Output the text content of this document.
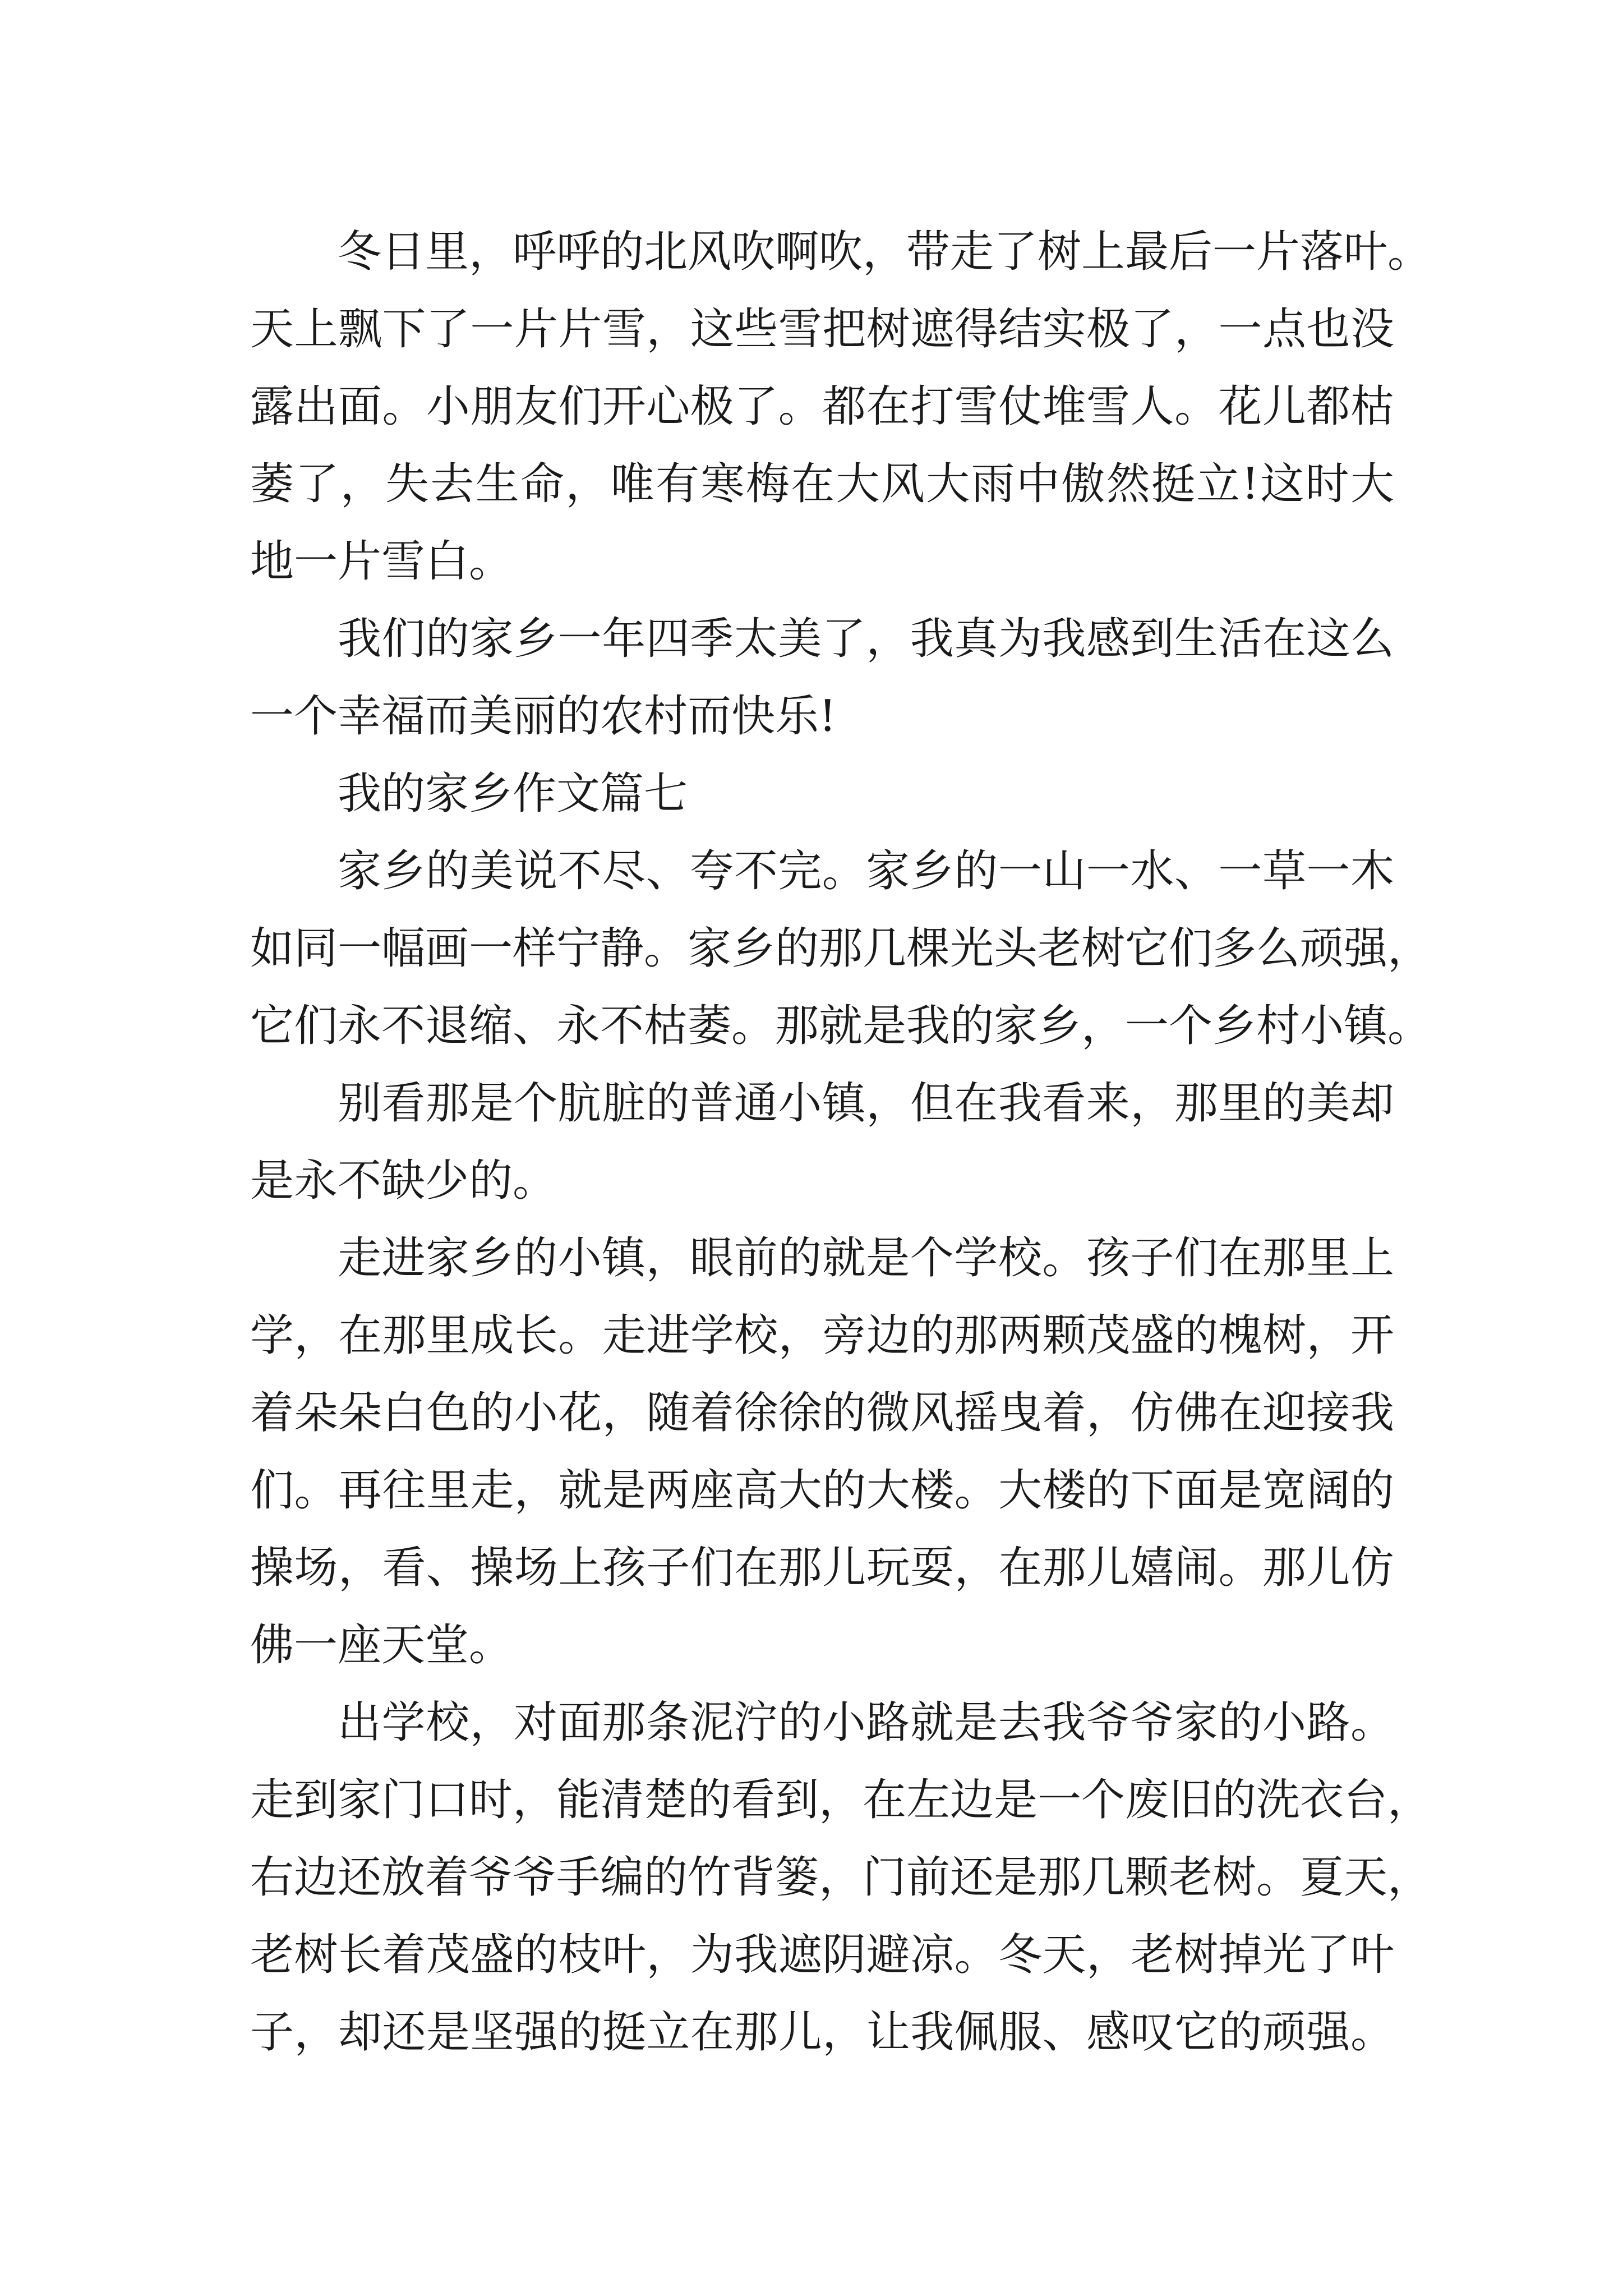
冬日里，呼呼的北风吹啊吹，带走了树上最后一片落叶。
天上飘下了一片片雪，这些雪把树遮得结实极了，一点也没
露出面。小朋友们开心极了。都在打雪仗堆雪人。花儿都枯
萎了，失去生命，唯有寒梅在大风大雨中傲然挺立!这时大
地一片雪白。
我们的家乡一年四季太美了，我真为我感到生活在这么
一个幸福而美丽的农村而快乐!
我的家乡作文篇七
家乡的美说不尽、夸不完。家乡的一山一水、一草一木
如同一幅画一样宁静。家乡的那几棵光头老树它们多么顽强，
它们永不退缩、永不枯萎。那就是我的家乡，一个乡村小镇。
别看那是个肮脏的普通小镇，但在我看来，那里的美却
是永不缺少的。
走进家乡的小镇，眼前的就是个学校。孩子们在那里上
学，在那里成长。走进学校，旁边的那两颗茂盛的槐树，开
着朵朵白色的小花，随着徐徐的微风摇曳着，仿佛在迎接我
们。再往里走，就是两座高大的大楼。大楼的下面是宽阔的
操场，看、操场上孩子们在那儿玩耍，在那儿嬉闹。那儿仿
佛一座天堂。
出学校，对面那条泥泞的小路就是去我爷爷家的小路。
走到家门口时，能清楚的看到，在左边是一个废旧的洗衣台，
右边还放着爷爷手编的竹背篓，门前还是那几颗老树。夏天，
老树长着茂盛的枝叶，为我遮阴避凉。冬天，老树掉光了叶
子，却还是坚强的挺立在那儿，让我佩服、感叹它的顽强。
